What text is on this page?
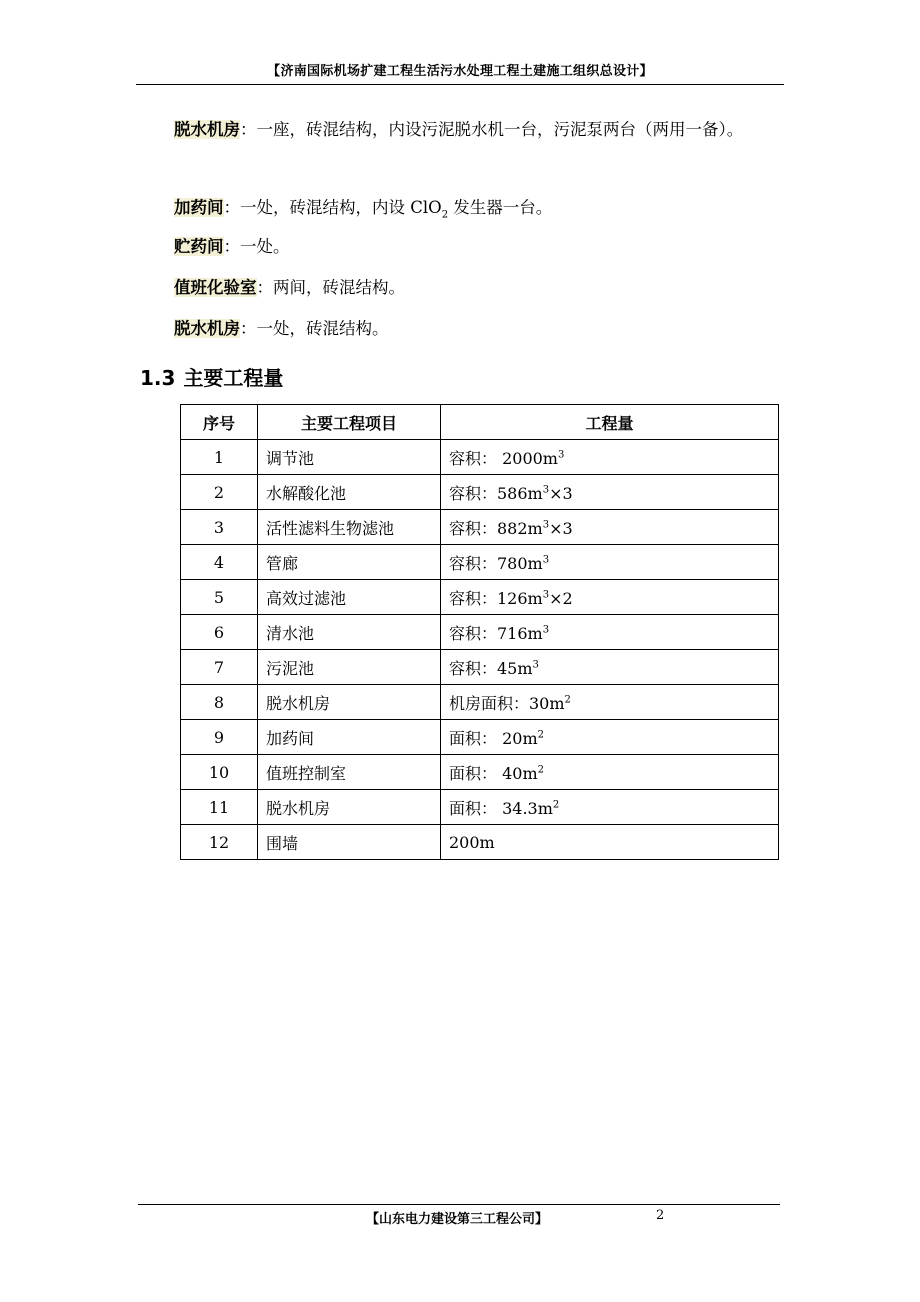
【济南国际机场扩建工程生活污水处理工程土建施工组织总设计】
脱水机房：一座，砖混结构，内设污泥脱水机一台，污泥泵两台（两用一备）。
加药间：一处，砖混结构，内设 ClO$_2$ 发生器一台。
贮药间：一处。
值班化验室：两间，砖混结构。
脱水机房：一处，砖混结构。
1.3 主要工程量
序号	主要工程项目	工程量
1	调节池	容积： $2000m^3$
2	水解酸化池	容积：$586m^3\times 3$
3	活性滤料生物滤池	容积：$882m^3\times 3$
4	管廊	容积：$780m^3$
5	高效过滤池	容积：$126m^3\times 2$
6	清水池	容积：$716m^3$
7	污泥池	容积：$45m^3$
8	脱水机房	机房面积：$30m^2$
9	加药间	面积： $20m^2$
10	值班控制室	面积： $40m^2$
11	脱水机房	面积： $34.3m^2$
12	围墙	200m
【山东电力建设第三工程公司】	2
